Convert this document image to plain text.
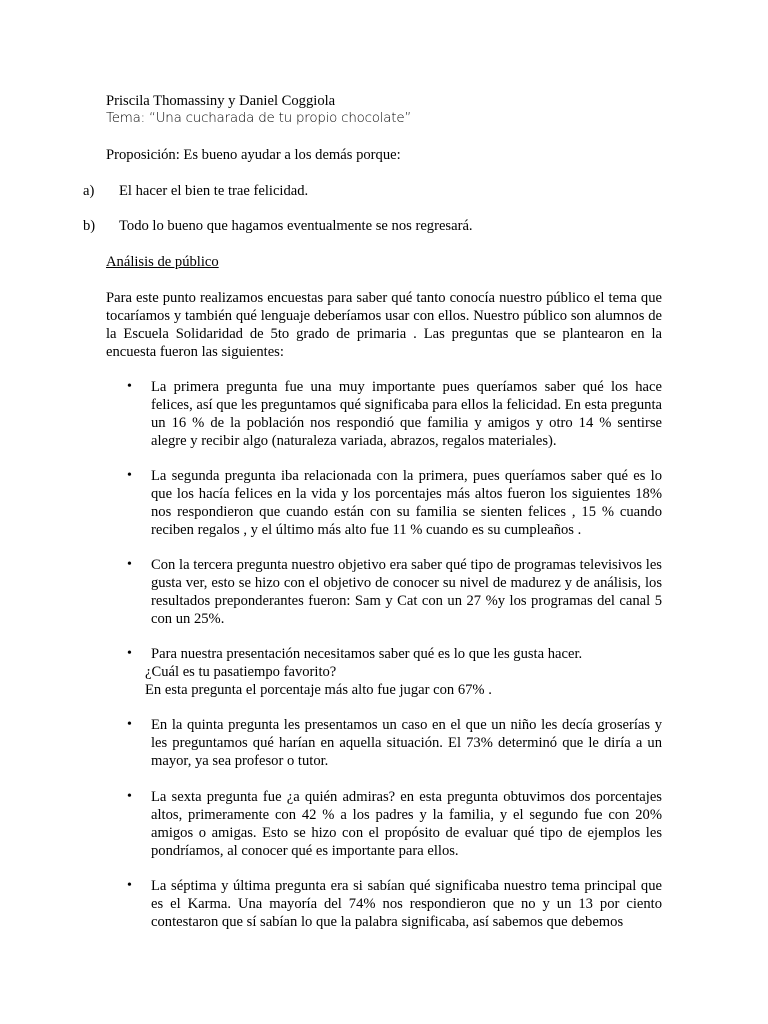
Priscila Thomassiny y Daniel Coggiola

Tema: “Una cucharada de tu propio chocolate”

Proposición: Es bueno ayudar a los demás porque:

a) El hacer el bien te trae felicidad.
b) Todo lo bueno que hagamos eventualmente se nos regresará.

Análisis de público

Para este punto realizamos encuestas para saber qué tanto conocía nuestro público el tema que tocaríamos y también qué lenguaje deberíamos usar con ellos. Nuestro público son alumnos de la Escuela Solidaridad de 5to grado de primaria . Las preguntas que se plantearon en la encuesta fueron las siguientes:

• La primera pregunta fue una muy importante pues queríamos saber qué los hace felices, así que les preguntamos qué significaba para ellos la felicidad. En esta pregunta un 16 % de la población nos respondió que familia y amigos y otro 14 % sentirse alegre y recibir algo (naturaleza variada, abrazos, regalos materiales).

• La segunda pregunta iba relacionada con la primera, pues queríamos saber qué es lo que los hacía felices en la vida y los porcentajes más altos fueron los siguientes 18% nos respondieron que cuando están con su familia se sienten felices , 15 % cuando reciben regalos , y el último más alto fue 11 % cuando es su cumpleaños .

• Con la tercera pregunta nuestro objetivo era saber qué tipo de programas televisivos les gusta ver, esto se hizo con el objetivo de conocer su nivel de madurez y de análisis, los resultados preponderantes fueron: Sam y Cat con un 27 %y los programas del canal 5 con un 25%.

• Para nuestra presentación necesitamos saber qué es lo que les gusta hacer.

¿Cuál es tu pasatiempo favorito?

En esta pregunta el porcentaje más alto fue jugar con 67% .

• En la quinta pregunta les presentamos un caso en el que un niño les decía groserías y les preguntamos qué harían en aquella situación. El 73% determinó que le diría a un mayor, ya sea profesor o tutor.

• La sexta pregunta fue ¿a quién admiras? en esta pregunta obtuvimos dos porcentajes altos, primeramente con 42 % a los padres y la familia, y el segundo fue con 20% amigos o amigas. Esto se hizo con el propósito de evaluar qué tipo de ejemplos les pondríamos, al conocer qué es importante para ellos.

• La séptima y última pregunta era si sabían qué significaba nuestro tema principal que es el Karma. Una mayoría del 74% nos respondieron que no y un 13 por ciento contestaron que sí sabían lo que la palabra significaba, así sabemos que debemos
